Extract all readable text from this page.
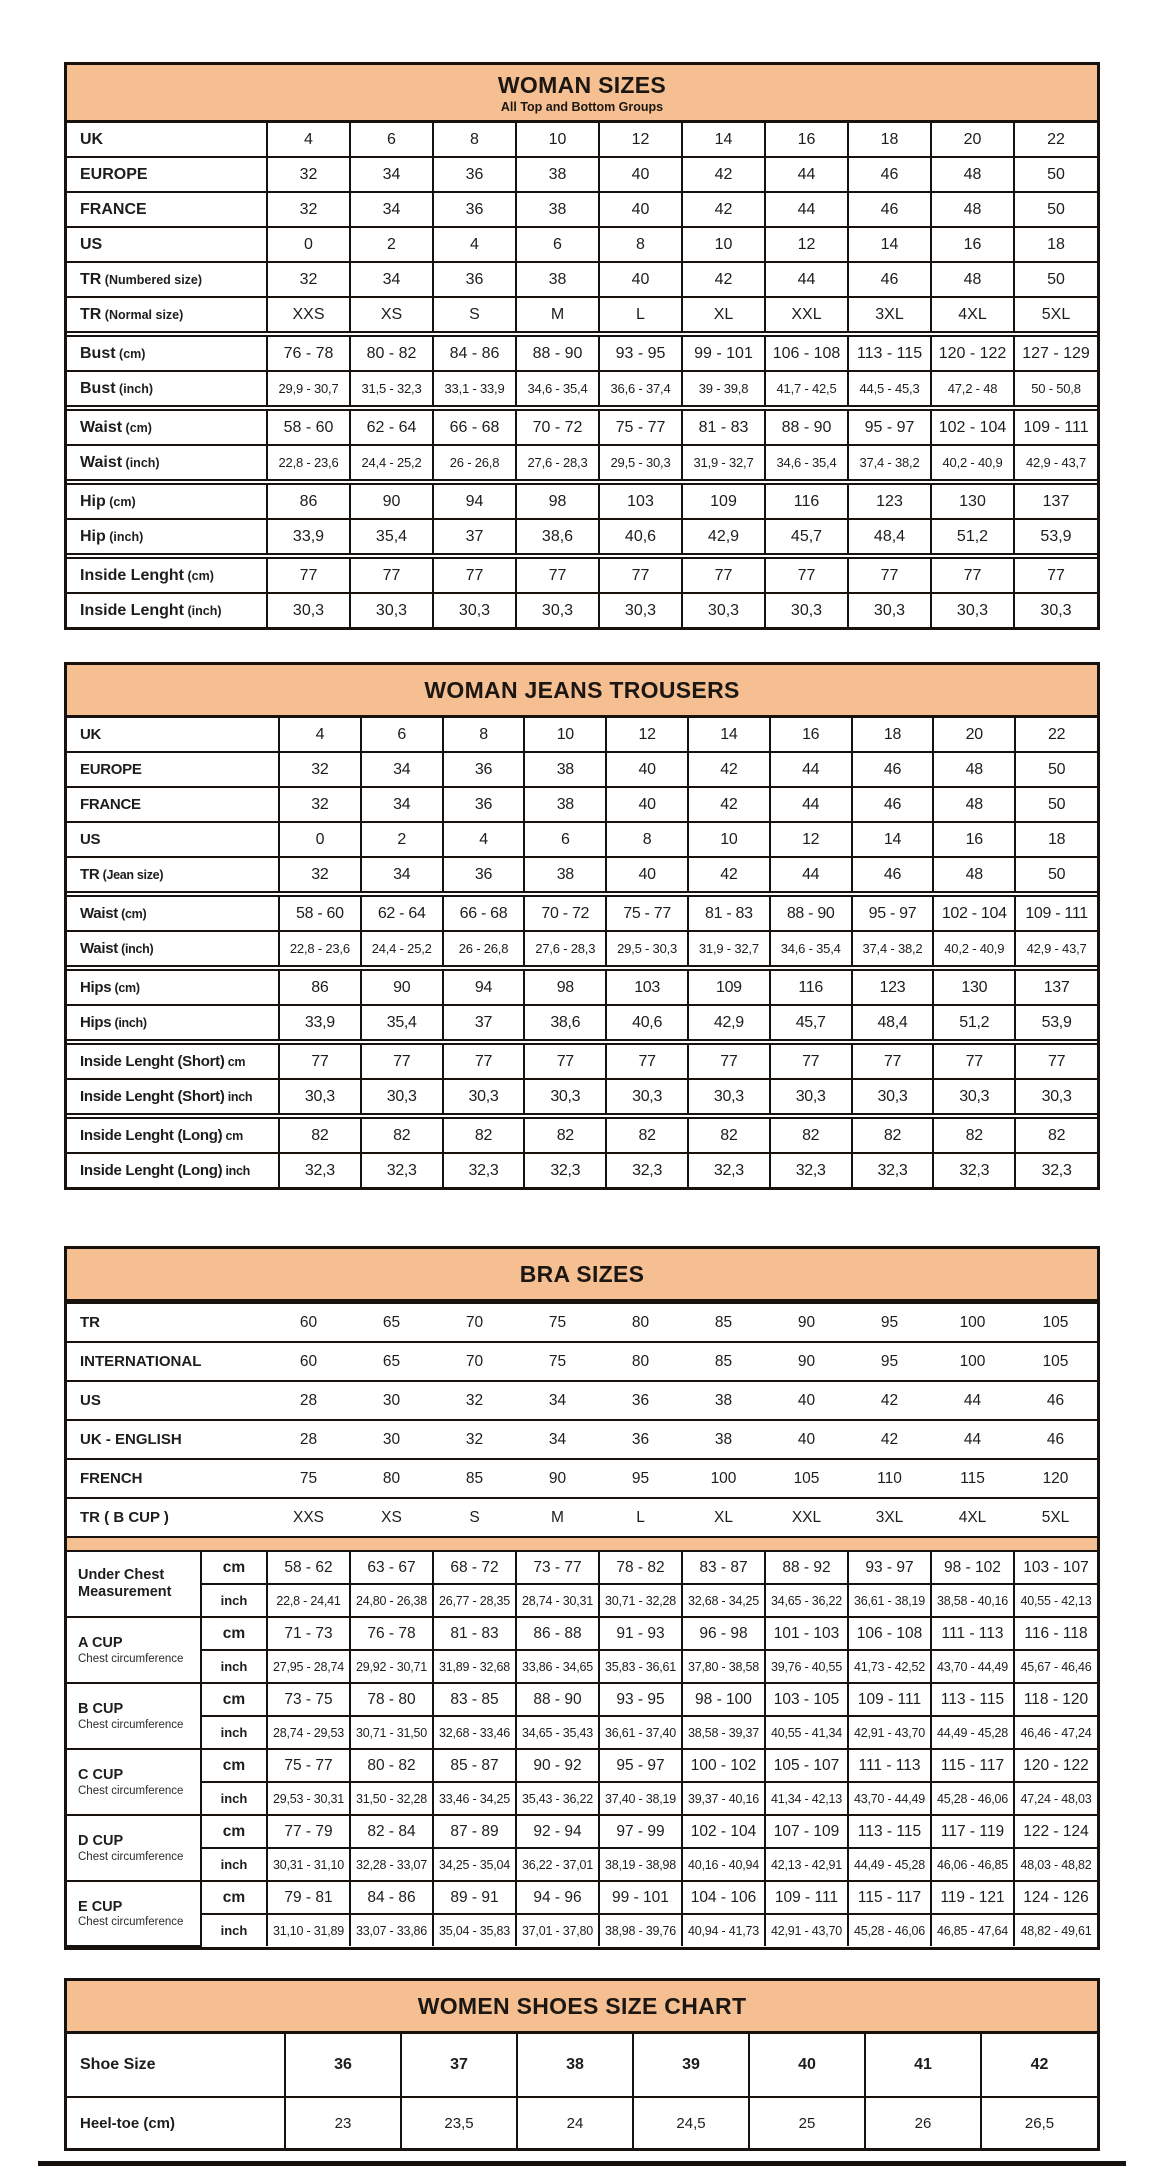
WOMAN SIZES
All Top and Bottom Groups
UK	4	6	8	10	12	14	16	18	20	22
EUROPE	32	34	36	38	40	42	44	46	48	50
FRANCE	32	34	36	38	40	42	44	46	48	50
US	0	2	4	6	8	10	12	14	16	18
TR (Numbered size)	32	34	36	38	40	42	44	46	48	50
TR (Normal size)	XXS	XS	S	M	L	XL	XXL	3XL	4XL	5XL
Bust (cm)	76 - 78	80 - 82	84 - 86	88 - 90	93 - 95	99 - 101	106 - 108	113 - 115	120 - 122	127 - 129
Bust (inch)	29,9 - 30,7	31,5 - 32,3	33,1 - 33,9	34,6 - 35,4	36,6 - 37,4	39 - 39,8	41,7 - 42,5	44,5 - 45,3	47,2 - 48	50 - 50,8
Waist (cm)	58 - 60	62 - 64	66 - 68	70 - 72	75 - 77	81 - 83	88 - 90	95 - 97	102 - 104	109 - 111
Waist (inch)	22,8 - 23,6	24,4 - 25,2	26 - 26,8	27,6 - 28,3	29,5 - 30,3	31,9 - 32,7	34,6 - 35,4	37,4 - 38,2	40,2 - 40,9	42,9 - 43,7
Hip (cm)	86	90	94	98	103	109	116	123	130	137
Hip (inch)	33,9	35,4	37	38,6	40,6	42,9	45,7	48,4	51,2	53,9
Inside Lenght (cm)	77	77	77	77	77	77	77	77	77	77
Inside Lenght (inch)	30,3	30,3	30,3	30,3	30,3	30,3	30,3	30,3	30,3	30,3
WOMAN JEANS TROUSERS
UK	4	6	8	10	12	14	16	18	20	22
EUROPE	32	34	36	38	40	42	44	46	48	50
FRANCE	32	34	36	38	40	42	44	46	48	50
US	0	2	4	6	8	10	12	14	16	18
TR (Jean size)	32	34	36	38	40	42	44	46	48	50
Waist (cm)	58 - 60	62 - 64	66 - 68	70 - 72	75 - 77	81 - 83	88 - 90	95 - 97	102 - 104	109 - 111
Waist (inch)	22,8 - 23,6	24,4 - 25,2	26 - 26,8	27,6 - 28,3	29,5 - 30,3	31,9 - 32,7	34,6 - 35,4	37,4 - 38,2	40,2 - 40,9	42,9 - 43,7
Hips (cm)	86	90	94	98	103	109	116	123	130	137
Hips (inch)	33,9	35,4	37	38,6	40,6	42,9	45,7	48,4	51,2	53,9
Inside Lenght (Short) cm	77	77	77	77	77	77	77	77	77	77
Inside Lenght (Short) inch	30,3	30,3	30,3	30,3	30,3	30,3	30,3	30,3	30,3	30,3
Inside Lenght (Long) cm	82	82	82	82	82	82	82	82	82	82
Inside Lenght (Long) inch	32,3	32,3	32,3	32,3	32,3	32,3	32,3	32,3	32,3	32,3
BRA SIZES
TR		60	65	70	75	80	85	90	95	100	105
INTERNATIONAL		60	65	70	75	80	85	90	95	100	105
US		28	30	32	34	36	38	40	42	44	46
UK - ENGLISH		28	30	32	34	36	38	40	42	44	46
FRENCH		75	80	85	90	95	100	105	110	115	120
TR ( B CUP )		XXS	XS	S	M	L	XL	XXL	3XL	4XL	5XL

Under Chest Measurement	cm	58 - 62	63 - 67	68 - 72	73 - 77	78 - 82	83 - 87	88 - 92	93 - 97	98 - 102	103 - 107
	inch	22,8 - 24,41	24,80 - 26,38	26,77 - 28,35	28,74 - 30,31	30,71 - 32,28	32,68 - 34,25	34,65 - 36,22	36,61 - 38,19	38,58 - 40,16	40,55 - 42,13

A CUP
Chest circumference	cm	71 - 73	76 - 78	81 - 83	86 - 88	91 - 93	96 - 98	101 - 103	106 - 108	111 - 113	116 - 118
	inch	27,95 - 28,74	29,92 - 30,71	31,89 - 32,68	33,86 - 34,65	35,83 - 36,61	37,80 - 38,58	39,76 - 40,55	41,73 - 42,52	43,70 - 44,49	45,67 - 46,46

B CUP
Chest circumference	cm	73 - 75	78 - 80	83 - 85	88 - 90	93 - 95	98 - 100	103 - 105	109 - 111	113 - 115	118 - 120
	inch	28,74 - 29,53	30,71 - 31,50	32,68 - 33,46	34,65 - 35,43	36,61 - 37,40	38,58 - 39,37	40,55 - 41,34	42,91 - 43,70	44,49 - 45,28	46,46 - 47,24

C CUP
Chest circumference	cm	75 - 77	80 - 82	85 - 87	90 - 92	95 - 97	100 - 102	105 - 107	111 - 113	115 - 117	120 - 122
	inch	29,53 - 30,31	31,50 - 32,28	33,46 - 34,25	35,43 - 36,22	37,40 - 38,19	39,37 - 40,16	41,34 - 42,13	43,70 - 44,49	45,28 - 46,06	47,24 - 48,03

D CUP
Chest circumference	cm	77 - 79	82 - 84	87 - 89	92 - 94	97 - 99	102 - 104	107 - 109	113 - 115	117 - 119	122 - 124
	inch	30,31 - 31,10	32,28 - 33,07	34,25 - 35,04	36,22 - 37,01	38,19 - 38,98	40,16 - 40,94	42,13 - 42,91	44,49 - 45,28	46,06 - 46,85	48,03 - 48,82

E CUP
Chest circumference	cm	79 - 81	84 - 86	89 - 91	94 - 96	99 - 101	104 - 106	109 - 111	115 - 117	119 - 121	124 - 126
	inch	31,10 - 31,89	33,07 - 33,86	35,04 - 35,83	37,01 - 37,80	38,98 - 39,76	40,94 - 41,73	42,91 - 43,70	45,28 - 46,06	46,85 - 47,64	48,82 - 49,61
WOMEN SHOES SIZE CHART
Shoe Size	36	37	38	39	40	41	42
Heel-toe (cm)	23	23,5	24	24,5	25	26	26,5
